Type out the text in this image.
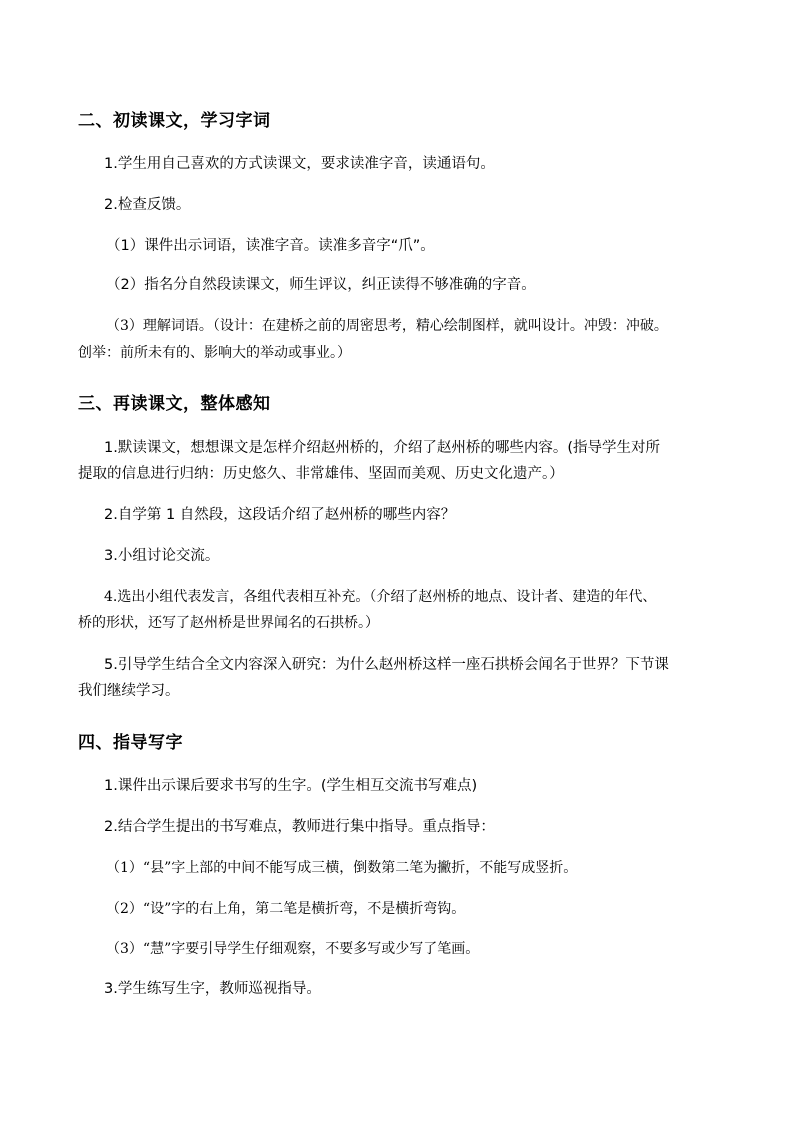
二、初读课文，学习字词
1.学生用自己喜欢的方式读课文，要求读准字音，读通语句。
2.检查反馈。
（1）课件出示词语，读准字音。读准多音字“爪”。
（2）指名分自然段读课文，师生评议，纠正读得不够准确的字音。
（3）理解词语。（设计：在建桥之前的周密思考，精心绘制图样，就叫设计。冲毁：冲破。
创举：前所未有的、影响大的举动或事业。）
三、再读课文，整体感知
1.默读课文，想想课文是怎样介绍赵州桥的，介绍了赵州桥的哪些内容。(指导学生对所
提取的信息进行归纳：历史悠久、非常雄伟、坚固而美观、历史文化遗产。）
2.自学第 1 自然段，这段话介绍了赵州桥的哪些内容？
3.小组讨论交流。
4.选出小组代表发言，各组代表相互补充。（介绍了赵州桥的地点、设计者、建造的年代、
桥的形状，还写了赵州桥是世界闻名的石拱桥。）
5.引导学生结合全文内容深入研究：为什么赵州桥这样一座石拱桥会闻名于世界？下节课
我们继续学习。
四、指导写字
1.课件出示课后要求书写的生字。(学生相互交流书写难点)
2.结合学生提出的书写难点，教师进行集中指导。重点指导：
（1）“县”字上部的中间不能写成三横，倒数第二笔为撇折，不能写成竖折。
（2）“设”字的右上角，第二笔是横折弯，不是横折弯钩。
（3）“慧”字要引导学生仔细观察，不要多写或少写了笔画。
3.学生练写生字，教师巡视指导。
